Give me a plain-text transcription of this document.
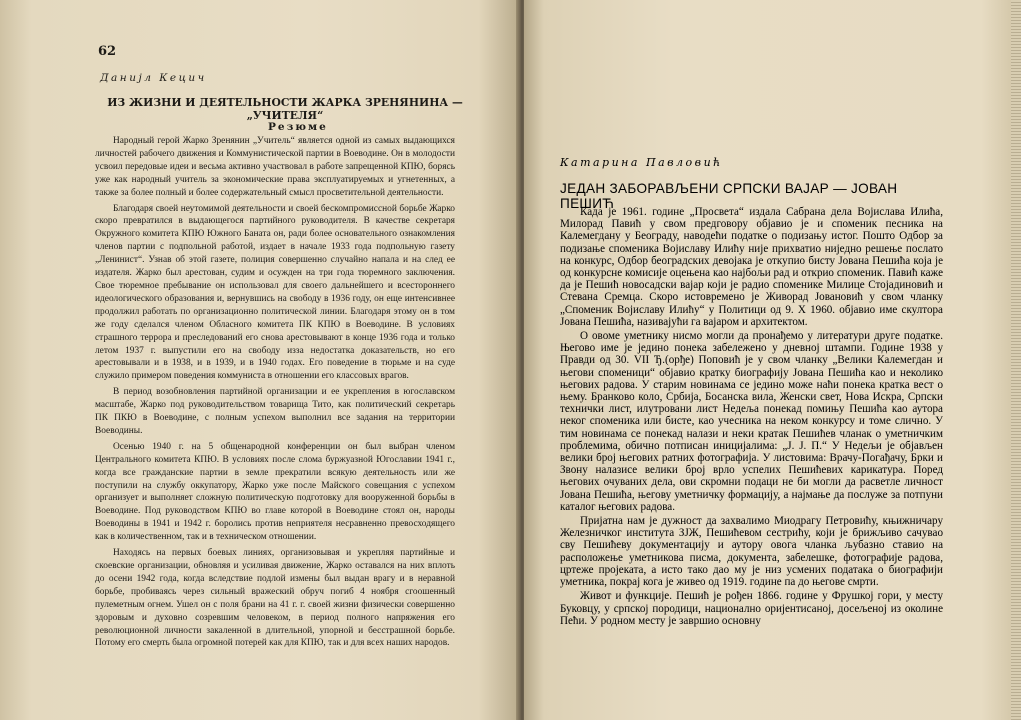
62
Даниjл Кецич
ИЗ ЖИЗНИ И ДЕЯТЕЛЬНОСТИ ЖАРКА ЗРЕНЯНИНА — „УЧИТЕЛЯ“
Резюме

Народный герой Жарко Зренянин „Учитель“ является одной из самых выдающихся личностей рабочего движения и Коммунистической партии в Воеводине. Он в молодости усвоил передовые идеи и весьма активно участвовал в работе запрещенной КПЮ, борясь уже как народный учитель за экономические права эксплуатируемых и угнетенных, а также за более полный и более содержательный смысл просветительной деятельности.

Благодаря своей неутомимой деятельности и своей бескомпромиссной борьбе Жарко скоро превратился в выдающегося партийного руководителя. В качестве секретаря Окружного комитета КПЮ Южного Баната он, ради более основательного ознакомления членов партии с подпольной работой, издает в начале 1933 года подпольную газету „Ленинист“. Узнав об этой газете, полиция совершенно случайно напала и на след ее издателя. Жарко был арестован, судим и осужден на три года тюремного заключения. Свое тюремное пребывание он использовал для своего дальнейшего и всестороннего идеологического образования и, вернувшись на свободу в 1936 году, он еще интенсивнее продолжил работать по организационно политической линии. Благодаря этому он в том же году сделался членом Обласного комитета ПК КПЮ в Воеводине. В условиях страшного террора и преследований его снова арестовывают в конце 1936 года и только летом 1937 г. выпустили его на свободу изза недостатка доказательств, но его арестовывали и в 1938, и в 1939, и в 1940 годах. Его поведение в тюрьме и на суде служило примером поведения коммуниста в отношении его классовых врагов.

В период возобновления партийной организации и ее укрепления в югославском масштабе, Жарко под руководительством товарища Тито, как политический секретарь ПК ПКЮ в Воеводине, с полным успехом выполнил все задания на территории Воеводины.

Осенью 1940 г. на 5 общенародной конференции он был выбран членом Центрального комитета КПЮ. В условиях после слома буржуазной Югославии 1941 г., когда все гражданские партии в земле прекратили всякую деятельность или же поступили на службу оккупатору, Жарко уже после Майского совещания с успехом организует и выполняет сложную политическую подготовку для вооруженной борьбы в Воеводине. Под руководством КПЮ во главе которой в Воеводине стоял он, народы Воеводины в 1941 и 1942 г. боролись против неприятеля несравненно превосходящего как в количественном, так и в техническом отношении.

Находясь на первых боевых линиях, организовывая и укрепляя партийные и скоевские организации, обновляя и усиливая движение, Жарко оставался на них вплоть до осени 1942 года, когда вследствие подлой измены был выдан врагу и в неравной борьбе, пробиваясь через сильный вражеский обруч погиб 4 ноября сгоошенный пулеметным огнем. Ушел он с поля брани на 41 г. г. своей жизни физически совершенно здоровым и духовно созревшим человеком, в период полного напряжения его революционной личности закаленной в длительной, упорной и бесстрашной борьбе. Потому его смерть была огромной потерей как для КПЮ, так и для всех наших народов.

Катарина Павловић
ЈЕДАН ЗАБОРАВЉЕНИ СРПСКИ ВАЈАР — ЈОВАН ПЕШИЋ

Када је 1961. године „Просвета“ издала Сабрана дела Војислава Илића, Милорад Павић у свом предговору објавио је и споменик песника на Калемегдану у Београду, наводећи податке о подизању истог. Пошто Одбор за подизање споменика Војиславу Илићу није прихватио ниједно решење послато на конкурс, Одбор београдских девојака је откупио бисту Јована Пешића која је од конкурсне комисије оцењена као најбољи рад и открио споменик. Павић каже да је Пешић новосадски вајар који је радио споменике Милице Стојадиновић и Стевана Сремца. Скоро истовремено је Живорад Јовановић у свом чланку „Споменик Војиславу Илићу“ у Политици од 9. X 1960. објавио име скултора Јована Пешића, називајући га вајаром и архитектом.

О овоме уметнику нисмо могли да пронађемо у литератури друге податке. Његово име је једино понека забележено у дневној штампи. Године 1938 у Правди од 30. VII Ђ.(орђе) Поповић је у свом чланку „Велики Калемегдан и његови споменици“ објавио кратку биографију Јована Пешића као и неколико његових радова. У старим новинама се једино може наћи понека кратка вест о њему. Бранково коло, Србија, Босанска вила, Женски свет, Нова Искра, Српски технички лист, илутровани лист Недеља понекад помињу Пешића као аутора неког споменика или бисте, као учесника на неком конкурсу и томе слично. У тим новинама се понекад налази и неки кратак Пешићев чланак о уметничким проблемима, обично потписан иницијалима: „J. J. П.“ У Недељи је објављен велики број његових ратних фотографија. У листовима: Врачу-Погађачу, Брки и Звону налазисе велики број врло успелих Пешићевих карикатура. Поред његових очуваних дела, ови скромни подаци не би могли да расветле личност Јована Пешића, његову уметничку формацију, а најмање да послуже за потпуни каталог његових радова.

Пријатна нам је дужност да захвалимо Миодрагу Петровићу, књижничару Железничког института ЗЈЖ, Пешићевом сестрићу, који је брижљиво сачувао сву Пешићеву документацију и аутору овога чланка љубазно ставио на расположење уметникова писма, документа, забелешке, фотографије радова, цртеже пројеката, а исто тако дао му је низ усмених података о биографији уметника, покрај кога је живео од 1919. године па до његове смрти.

Живот и функције. Пешић је рођен 1866. године у Фрушкој гори, у месту Буковцу, у српској породици, национално оријентисаној, досељеној из околине Пећи. У родном месту је завршио основну
